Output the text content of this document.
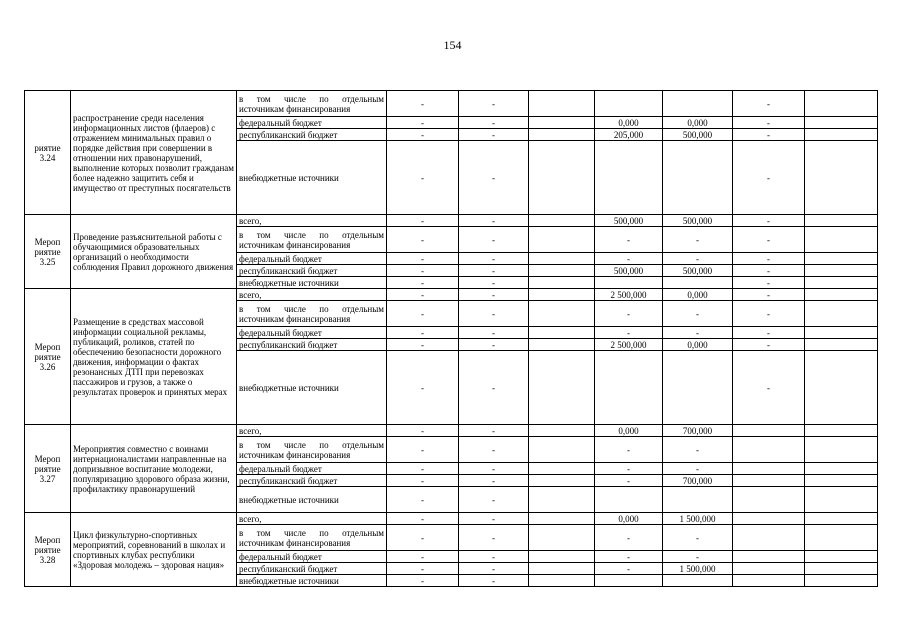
154
риятие 3.24	распространение среди населения информационных листов (флаеров) с отражением минимальных правил о порядке действия при совершении в отношении них правонарушений, выполнение которых позволит гражданам более надежно защитить себя и имущество от преступных посягательств	в том числе по отдельным источникам финансирования	-	-				-	
		федеральный бюджет	-	-		0,000	0,000	-	
		республиканский бюджет	-	-		205,000	500,000	-	
		внебюджетные источники	-	-				-	
Мероп риятие 3.25	Проведение разъяснительной работы с обучающимися образовательных организаций о необходимости соблюдения Правил дорожного движения	всего,	-	-		500,000	500,000	-	
		в том числе по отдельным источникам финансирования	-	-		-	-	-	
		федеральный бюджет	-	-		-	-	-	
		республиканский бюджет	-	-		500,000	500,000	-	
		внебюджетные источники	-	-				-	
Мероп риятие 3.26	Размещение в средствах массовой информации социальной рекламы, публикаций, роликов, статей по обеспечению безопасности дорожного движения, информации о фактах резонансных ДТП при перевозках пассажиров и грузов, а также о результатах проверок и принятых мерах	всего,	-	-		2 500,000	0,000	-	
		в том числе по отдельным источникам финансирования	-	-		-	-	-	
		федеральный бюджет	-	-		-	-	-	
		республиканский бюджет	-	-		2 500,000	0,000	-	
		внебюджетные источники	-	-				-	
Мероп риятие 3.27	Мероприятия совместно с воинами интернационалистами направленные на допризывное воспитание молодежи, популяризацию здорового образа жизни, профилактику правонарушений	всего,	-	-		0,000	700,000		
		в том числе по отдельным источникам финансирования	-	-		-	-		
		федеральный бюджет	-	-		-	-		
		республиканский бюджет	-	-		-	700,000		
		внебюджетные источники	-	-					
Мероп риятие 3.28	Цикл физкультурно-спортивных мероприятий, соревнований в школах и спортивных клубах республики «Здоровая молодежь – здоровая нация»	всего,	-	-		0,000	1 500,000		
		в том числе по отдельным источникам финансирования	-	-		-	-		
		федеральный бюджет	-	-		-	-		
		республиканский бюджет	-	-		-	1 500,000		
		внебюджетные источники	-	-					
